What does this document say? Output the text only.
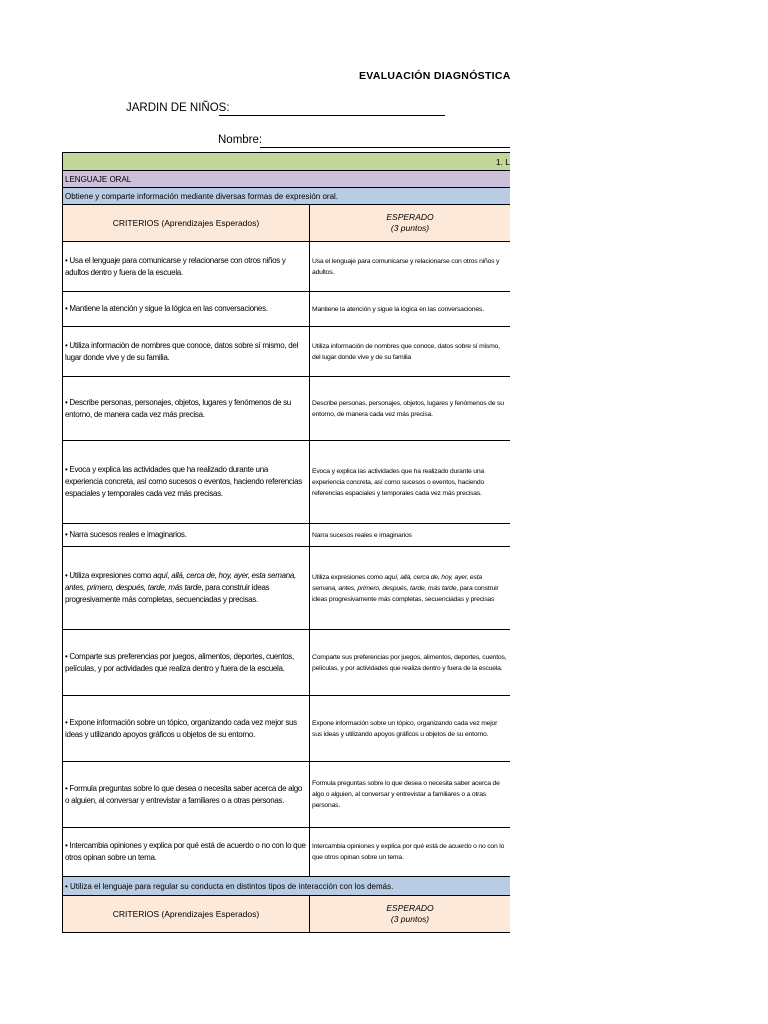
EVALUACIÓN DIAGNÓSTICA
JARDIN DE NIÑOS:
Nombre:
1. L	
LENGUAJE ORAL	
Obtiene y comparte información mediante diversas formas de expresión oral.	
CRITERIOS (Aprendizajes Esperados)	ESPERADO
(3 puntos)

• Usa el lenguaje para comunicarse y relacionarse con otros niños y adultos dentro y fuera de la escuela.	Usa el lenguaje para comunicarse y relacionarse con otros niños y adultos.
• Mantiene la atención y sigue la lógica en las conversaciones.	Mantiene la atención y sigue la lógica en las conversaciones.
• Utiliza información de nombres que conoce, datos sobre sí mismo, del lugar donde vive y de su familia.	Utiliza información de nombres que conoce, datos sobre sí mismo, del lugar donde vive y de su familia
• Describe personas, personajes, objetos, lugares y fenómenos de su entorno, de manera cada vez más precisa.	Describe personas, personajes, objetos, lugares y fenómenos de su entorno, de manera cada vez más precisa.
• Evoca y explica las actividades que ha realizado durante una experiencia concreta, así como sucesos o eventos, haciendo referencias espaciales y temporales cada vez más precisas.	Evoca y explica las actividades que ha realizado durante una experiencia concreta, así como sucesos o eventos, haciendo referencias espaciales y temporales cada vez más precisas.
• Narra sucesos reales e imaginarios.	Narra sucesos reales e imaginarios
• Utiliza expresiones como aquí, allá, cerca de, hoy, ayer, esta semana, antes, primero, después, tarde, más tarde, para construir ideas progresivamente más completas, secuenciadas y precisas.	Utiliza expresiones como aquí, allá, cerca de, hoy, ayer, esta semana, antes, primero, después, tarde, más tarde, para construir ideas progresivamente más completas, secuenciadas y precisas
• Comparte sus preferencias por juegos, alimentos, deportes, cuentos, películas, y por actividades que realiza dentro y fuera de la escuela.	Comparte sus preferencias por juegos, alimentos, deportes, cuentos, películas, y por actividades que realiza dentro y fuera de la escuela.
• Expone información sobre un tópico, organizando cada vez mejor sus ideas y utilizando apoyos gráficos u objetos de su entorno.	Expone información sobre un tópico, organizando cada vez mejor sus ideas y utilizando apoyos gráficos u objetos de su entorno.
• Formula preguntas sobre lo que desea o necesita saber acerca de algo o alguien, al conversar y entrevistar a familiares o a otras personas.	Formula preguntas sobre lo que desea o necesita saber acerca de algo o alguien, al conversar y entrevistar a familiares o a otras personas.
• Intercambia opiniones y explica por qué está de acuerdo o no con lo que otros opinan sobre un tema.	Intercambia opiniones y explica por qué está de acuerdo o no con lo que otros opinan sobre un tema.
• Utiliza el lenguaje para regular su conducta en distintos tipos de interacción con los demás.	
CRITERIOS (Aprendizajes Esperados)	ESPERADO
(3 puntos)
